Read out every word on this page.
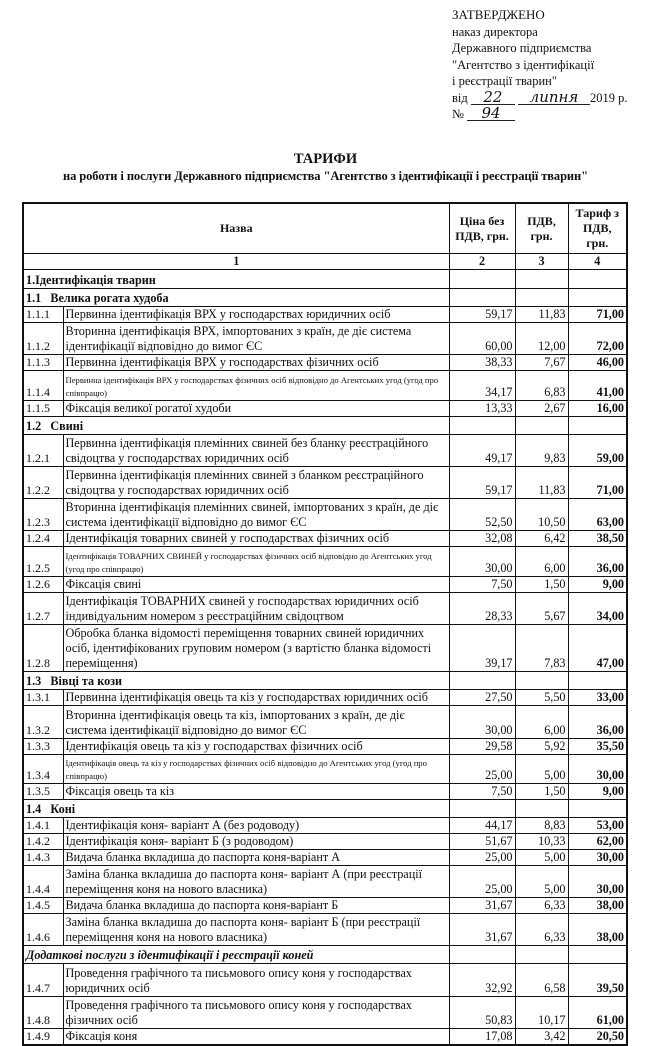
ЗАТВЕРДЖЕНО
наказ директора
Державного підприємства
"Агентство з ідентифікації
і реєстрації тварин"
від 22 липня 2019 р.
№ 94
ТАРИФИ
на роботи і послуги Державного підприємства "Агентство з ідентифікації і реєстрації тварин"
Назва		Ціна без ПДВ, грн.	ПДВ, грн.	Тариф з ПДВ, грн.
1		2	3	4
1.Ідентифікація тварин				
1.1 Велика рогата худоба				
1.1.1	Первинна ідентифікація ВРХ у господарствах юридичних осіб	59,17	11,83	71,00
1.1.2	Вторинна ідентифікація ВРХ, імпортованих з країн, де діє система ідентифікації відповідно до вимог ЄС	60,00	12,00	72,00
1.1.3	Первинна ідентифікація ВРХ у господарствах фізичних осіб	38,33	7,67	46,00
1.1.4	Первинна ідентифікація ВРХ у господарствах фізичних осіб відповідно до Агентських угод (угод про співпрацю)	34,17	6,83	41,00
1.1.5	Фіксація великої рогатої худоби	13,33	2,67	16,00
1.2 Свині				
1.2.1	Первинна ідентифікація племінних свиней без бланку реєстраційного свідоцтва у господарствах юридичних осіб	49,17	9,83	59,00
1.2.2	Первинна ідентифікація племінних свиней з бланком реєстраційного свідоцтва у господарствах юридичних осіб	59,17	11,83	71,00
1.2.3	Вторинна ідентифікація племінних свиней, імпортованих з країн, де діє система ідентифікації відповідно до вимог ЄС	52,50	10,50	63,00
1.2.4	Ідентифікація товарних свиней у господарствах фізичних осіб	32,08	6,42	38,50
1.2.5	Ідентифікація ТОВАРНИХ СВИНЕЙ у господарствах фізичних осіб відповідно до Агентських угод (угод про співпрацю)	30,00	6,00	36,00
1.2.6	Фіксація свині	7,50	1,50	9,00
1.2.7	Ідентифікація ТОВАРНИХ свиней у господарствах юридичних осіб індивідуальним номером з реєстраційним свідоцтвом	28,33	5,67	34,00
1.2.8	Обробка бланка відомості переміщення товарних свиней юридичних осіб, ідентифікованих груповим номером (з вартістю бланка відомості переміщення)	39,17	7,83	47,00
1.3 Вівці та кози				
1.3.1	Первинна ідентифікація овець та кіз у господарствах юридичних осіб	27,50	5,50	33,00
1.3.2	Вторинна ідентифікація овець та кіз, імпортованих з країн, де діє система ідентифікації відповідно до вимог ЄС	30,00	6,00	36,00
1.3.3	Ідентифікація овець та кіз у господарствах фізичних осіб	29,58	5,92	35,50
1.3.4	Ідентифікація овець та кіз у господарствах фізичних осіб відповідно до Агентських угод (угод про співпрацю)	25,00	5,00	30,00
1.3.5	Фіксація овець та кіз	7,50	1,50	9,00
1.4 Коні				
1.4.1	Ідентифікація коня- варіант А (без родоводу)	44,17	8,83	53,00
1.4.2	Ідентифікація коня- варіант Б (з родоводом)	51,67	10,33	62,00
1.4.3	Видача бланка вкладиша до паспорта коня-варіант А	25,00	5,00	30,00
1.4.4	Заміна бланка вкладиша до паспорта коня- варіант А (при реєстрації переміщення коня на нового власника)	25,00	5,00	30,00
1.4.5	Видача бланка вкладиша до паспорта коня-варіант Б	31,67	6,33	38,00
1.4.6	Заміна бланка вкладиша до паспорта коня- варіант Б (при реєстрації переміщення коня на нового власника)	31,67	6,33	38,00
Додаткові послуги з ідентифікації і реєстрації коней				
1.4.7	Проведення графічного та письмового опису коня у господарствах юридичних осіб	32,92	6,58	39,50
1.4.8	Проведення графічного та письмового опису коня у господарствах фізичних осіб	50,83	10,17	61,00
1.4.9	Фіксація коня	17,08	3,42	20,50
